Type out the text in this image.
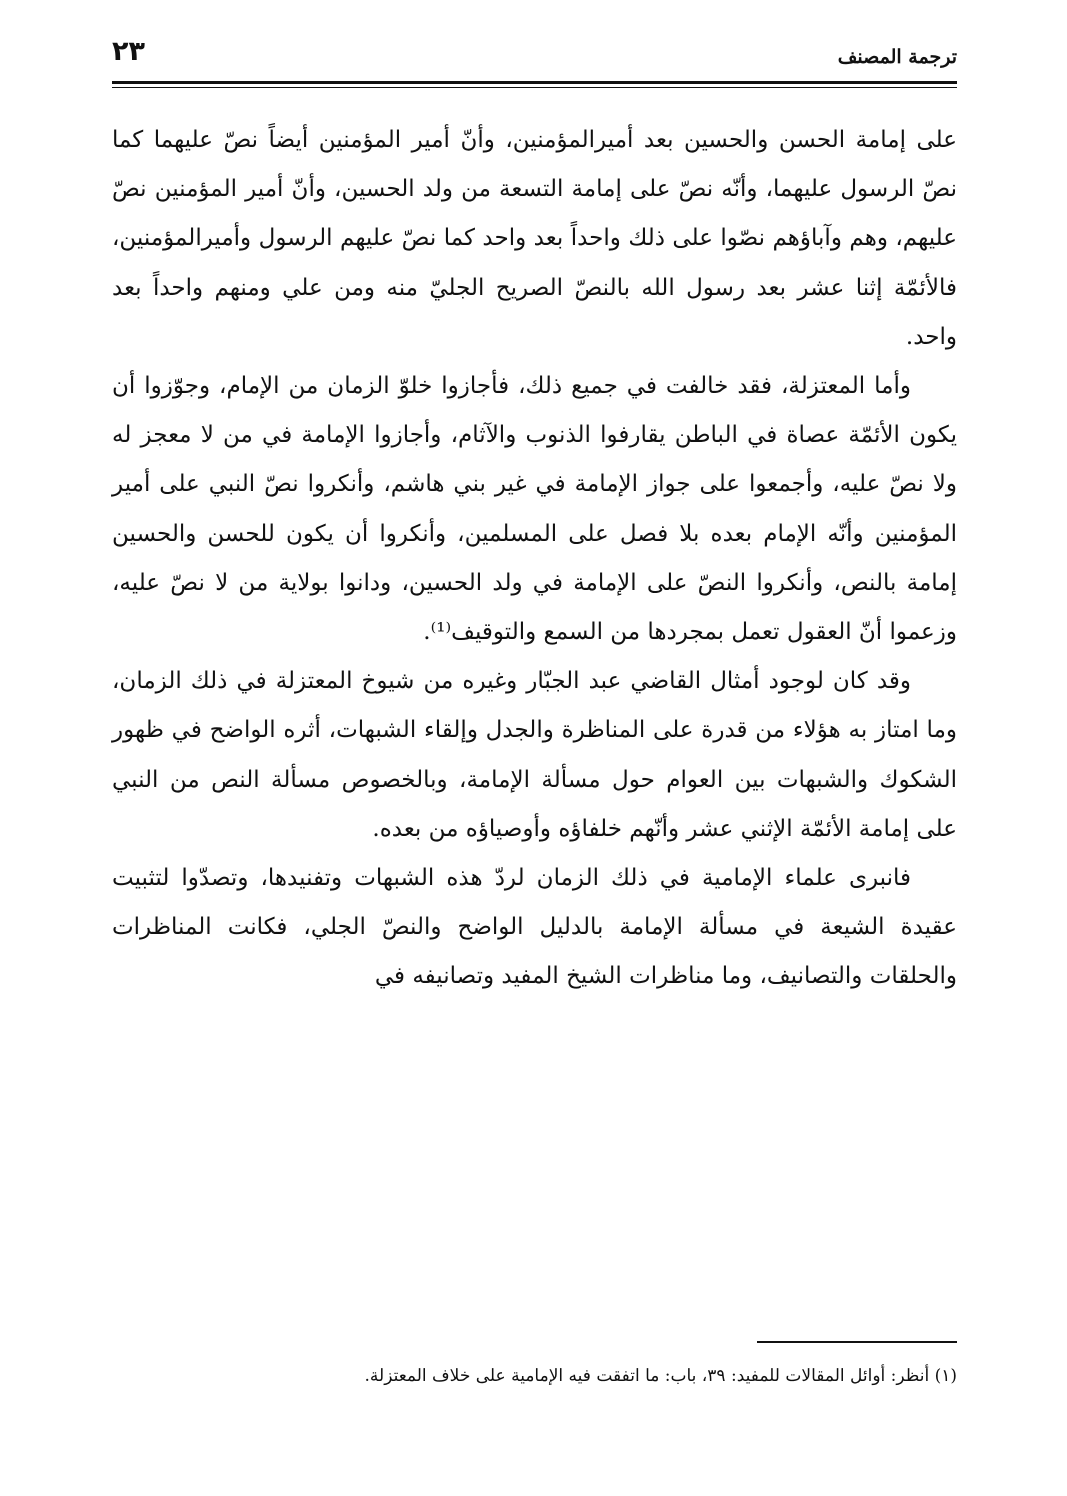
ترجمة المصنف
٢٣

على إمامة الحسن والحسين بعد أميرالمؤمنين، وأنّ أمير المؤمنين أيضاً نصّ عليهما كما نصّ الرسول عليهما، وأنّه نصّ على إمامة التسعة من ولد الحسين، وأنّ أمير المؤمنين نصّ عليهم، وهم وآباؤهم نصّوا على ذلك واحداً بعد واحد كما نصّ عليهم الرسول وأميرالمؤمنين، فالأئمّة إثنا عشر بعد رسول الله بالنصّ الصريح الجليّ منه ومن علي ومنهم واحداً بعد واحد.

وأما المعتزلة، فقد خالفت في جميع ذلك، فأجازوا خلوّ الزمان من الإمام، وجوّزوا أن يكون الأئمّة عصاة في الباطن يقارفوا الذنوب والآثام، وأجازوا الإمامة في من لا معجز له ولا نصّ عليه، وأجمعوا على جواز الإمامة في غير بني هاشم، وأنكروا نصّ النبي على أمير المؤمنين وأنّه الإمام بعده بلا فصل على المسلمين، وأنكروا أن يكون للحسن والحسين إمامة بالنص، وأنكروا النصّ على الإمامة في ولد الحسين، ودانوا بولاية من لا نصّ عليه، وزعموا أنّ العقول تعمل بمجردها من السمع والتوقيف⁽¹⁾.

وقد كان لوجود أمثال القاضي عبد الجبّار وغيره من شيوخ المعتزلة في ذلك الزمان، وما امتاز به هؤلاء من قدرة على المناظرة والجدل وإلقاء الشبهات، أثره الواضح في ظهور الشكوك والشبهات بين العوام حول مسألة الإمامة، وبالخصوص مسألة النص من النبي على إمامة الأئمّة الإثني عشر وأنّهم خلفاؤه وأوصياؤه من بعده.

فانبرى علماء الإمامية في ذلك الزمان لردّ هذه الشبهات وتفنيدها، وتصدّوا لتثبيت عقيدة الشيعة في مسألة الإمامة بالدليل الواضح والنصّ الجلي، فكانت المناظرات والحلقات والتصانيف، وما مناظرات الشيخ المفيد وتصانيفه في

(١) أنظر: أوائل المقالات للمفيد: ٣٩، باب: ما اتفقت فيه الإمامية على خلاف المعتزلة.
